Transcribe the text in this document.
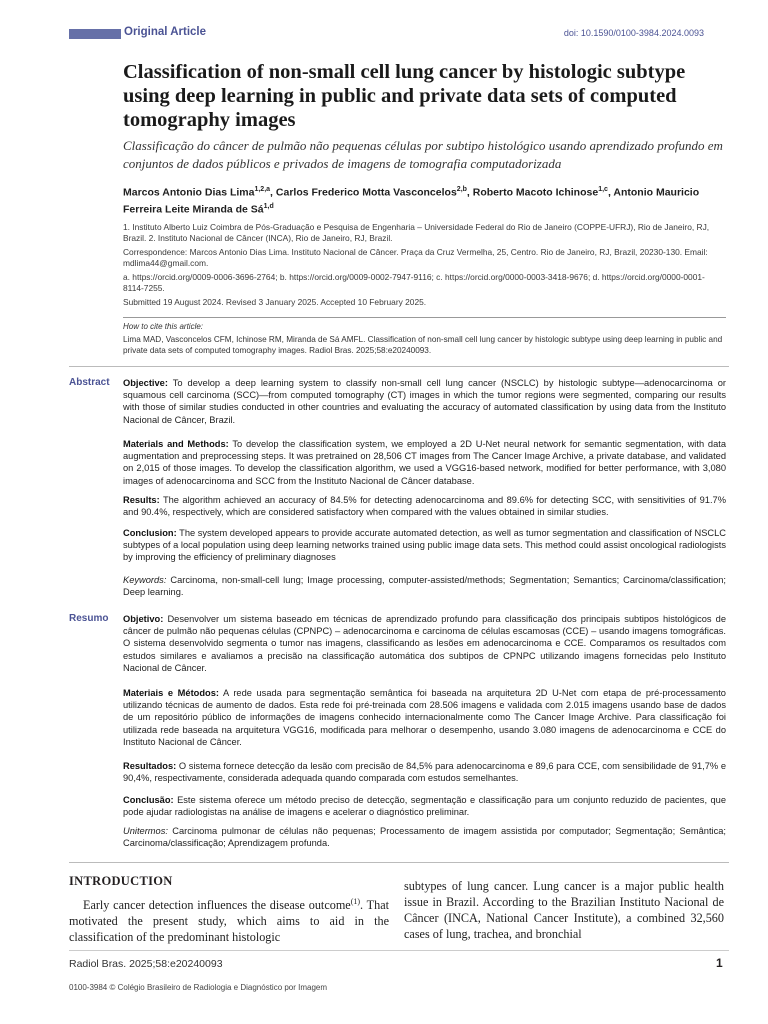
Original Article	doi: 10.1590/0100-3984.2024.0093
Classification of non-small cell lung cancer by histologic subtype using deep learning in public and private data sets of computed tomography images

Classificação do câncer de pulmão não pequenas células por subtipo histológico usando aprendizado profundo em conjuntos de dados públicos e privados de imagens de tomografia computadorizada

Marcos Antonio Dias Lima$^{1,2,a}$, Carlos Frederico Motta Vasconcelos$^{2,b}$, Roberto Macoto Ichinose$^{1,c}$, Antonio Mauricio Ferreira Leite Miranda de Sá$^{1,d}$
1. Instituto Alberto Luiz Coimbra de Pós-Graduação e Pesquisa de Engenharia – Universidade Federal do Rio de Janeiro (COPPE-UFRJ), Rio de Janeiro, RJ, Brazil. 2. Instituto Nacional de Câncer (INCA), Rio de Janeiro, RJ, Brazil.
Correspondence: Marcos Antonio Dias Lima. Instituto Nacional de Câncer. Praça da Cruz Vermelha, 25, Centro. Rio de Janeiro, RJ, Brazil, 20230-130. Email: mdlima44@gmail.com.
a. https://orcid.org/0009-0006-3696-2764; b. https://orcid.org/0009-0002-7947-9116; c. https://orcid.org/0000-0003-3418-9676; d. https://orcid.org/0000-0001-8114-7255.
Submitted 19 August 2024. Revised 3 January 2025. Accepted 10 February 2025.
How to cite this article:
Lima MAD, Vasconcelos CFM, Ichinose RM, Miranda de Sá AMFL. Classification of non-small cell lung cancer by histologic subtype using deep learning in public and private data sets of computed tomography images. Radiol Bras. 2025;58:e20240093.
Abstract Objective: To develop a deep learning system to classify non-small cell lung cancer (NSCLC) by histologic subtype—adenocarcinoma or squamous cell carcinoma (SCC)—from computed tomography (CT) images in which the tumor regions were segmented, comparing our results with those of similar studies conducted in other countries and evaluating the accuracy of automated classification by using data from the Instituto Nacional de Câncer, Brazil.
Materials and Methods: To develop the classification system, we employed a 2D U-Net neural network for semantic segmentation, with data augmentation and preprocessing steps. It was pretrained on 28,506 CT images from The Cancer Image Archive, a private database, and validated on 2,015 of those images. To develop the classification algorithm, we used a VGG16-based network, modified for better performance, with 3,080 images of adenocarcinoma and SCC from the Instituto Nacional de Câncer database.
Results: The algorithm achieved an accuracy of 84.5% for detecting adenocarcinoma and 89.6% for detecting SCC, with sensitivities of 91.7% and 90.4%, respectively, which are considered satisfactory when compared with the values obtained in similar studies.
Conclusion: The system developed appears to provide accurate automated detection, as well as tumor segmentation and classification of NSCLC subtypes of a local population using deep learning networks trained using public image data sets. This method could assist oncological radiologists by improving the efficiency of preliminary diagnoses
Keywords: Carcinoma, non-small-cell lung; Image processing, computer-assisted/methods; Segmentation; Semantics; Carcinoma/classification; Deep learning.
Resumo Objetivo: Desenvolver um sistema baseado em técnicas de aprendizado profundo para classificação dos principais subtipos histológicos de câncer de pulmão não pequenas células (CPNPC) – adenocarcinoma e carcinoma de células escamosas (CCE) – usando imagens tomográficas. O sistema desenvolvido segmenta o tumor nas imagens, classificando as lesões em adenocarcinoma e CCE. Comparamos os resultados com estudos similares e avaliamos a precisão na classificação automática dos subtipos de CPNPC utilizando imagens fornecidas pelo Instituto Nacional de Câncer.
Materiais e Métodos: A rede usada para segmentação semântica foi baseada na arquitetura 2D U-Net com etapa de pré-processamento utilizando técnicas de aumento de dados. Esta rede foi pré-treinada com 28.506 imagens e validada com 2.015 imagens usando base de dados de um repositório público de informações de imagens conhecido internacionalmente como The Cancer Image Archive. Para classificação foi utilizada rede baseada na arquitetura VGG16, modificada para melhorar o desempenho, usando 3.080 imagens de adenocarcinoma e CCE do Instituto Nacional de Câncer.
Resultados: O sistema fornece detecção da lesão com precisão de 84,5% para adenocarcinoma e 89,6 para CCE, com sensibilidade de 91,7% e 90,4%, respectivamente, considerada adequada quando comparada com estudos semelhantes.
Conclusão: Este sistema oferece um método preciso de detecção, segmentação e classificação para um conjunto reduzido de pacientes, que pode ajudar radiologistas na análise de imagens e acelerar o diagnóstico preliminar.
Unitermos: Carcinoma pulmonar de células não pequenas; Processamento de imagem assistida por computador; Segmentação; Semântica; Carcinoma/classificação; Aprendizagem profunda.
INTRODUCTION
Early cancer detection influences the disease outcome$^{(1)}$. That motivated the present study, which aims to aid in the classification of the predominant histologic
subtypes of lung cancer. Lung cancer is a major public health issue in Brazil. According to the Brazilian Instituto Nacional de Câncer (INCA, National Cancer Institute), a combined 32,560 cases of lung, trachea, and bronchial
Radiol Bras. 2025;58:e20240093	1
0100-3984 © Colégio Brasileiro de Radiologia e Diagnóstico por Imagem
